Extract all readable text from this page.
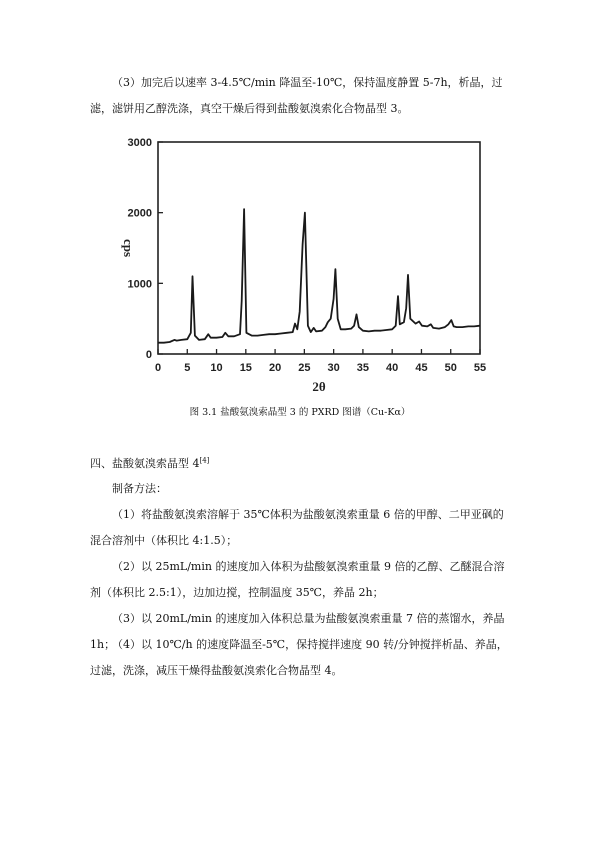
（3）加完后以速率 3-4.5℃/min 降温至-10℃，保持温度静置 5-7h，析晶，过滤，滤饼用乙醇洗涤，真空干燥后得到盐酸氨溴索化合物晶型 3。

0 5 10 15 20 25 30 35 40 45 50 55
0
1000
2000
3000
cps
2θ
图 3.1 盐酸氨溴索晶型 3 的 PXRD 图谱（Cu-Kα）

四、盐酸氨溴索晶型 4[4]

制备方法：

（1）将盐酸氨溴索溶解于 35℃体积为盐酸氨溴索重量 6 倍的甲醇、二甲亚砜的混合溶剂中（体积比 4:1.5）；

（2）以 25mL/min 的速度加入体积为盐酸氨溴索重量 9 倍的乙醇、乙醚混合溶剂（体积比 2.5:1），边加边搅，控制温度 35℃，养晶 2h；

（3）以 20mL/min 的速度加入体积总量为盐酸氨溴索重量 7 倍的蒸馏水，养晶 1h；

（4）以 10℃/h 的速度降温至-5℃，保持搅拌速度 90 转/分钟搅拌析晶、养晶，过滤，洗涤，减压干燥得盐酸氨溴索化合物晶型 4。
